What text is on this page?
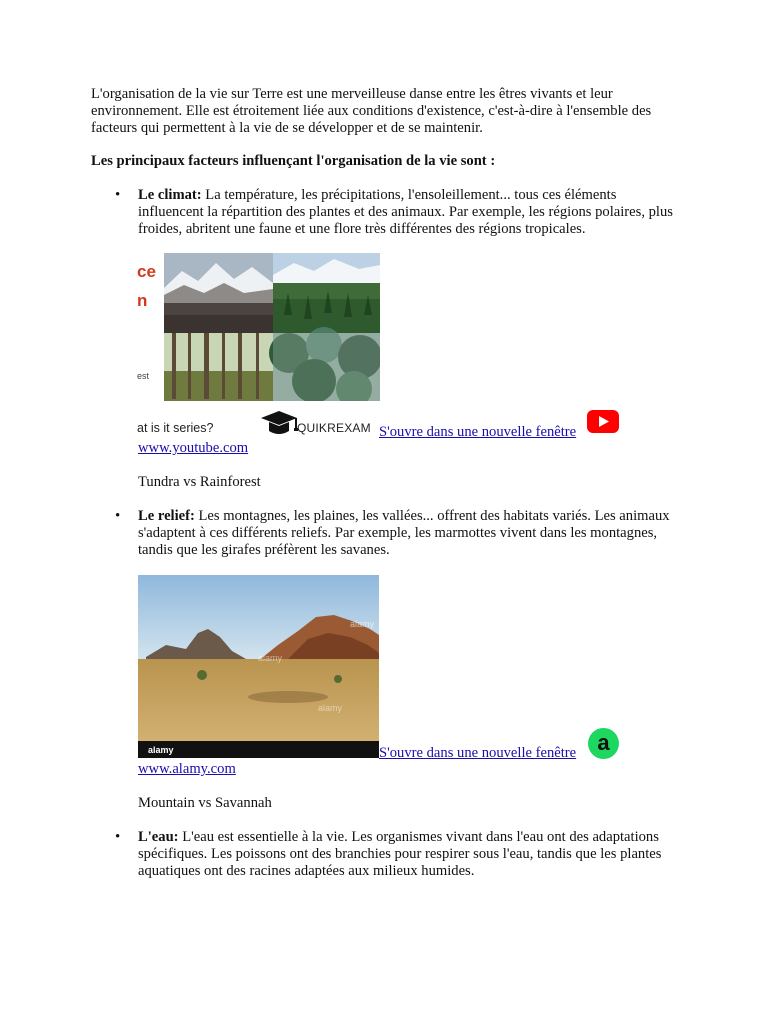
L'organisation de la vie sur Terre est une merveilleuse danse entre les êtres vivants et leur environnement. Elle est étroitement liée aux conditions d'existence, c'est-à-dire à l'ensemble des facteurs qui permettent à la vie de se développer et de se maintenir.

Les principaux facteurs influençant l'organisation de la vie sont :

•	Le climat: La température, les précipitations, l'ensoleillement... tous ces éléments influencent la répartition des plantes et des animaux. Par exemple, les régions polaires, plus froides, abritent une faune et une flore très différentes des régions tropicales.

ce
n
est
at is it series?	QUIKREXAM S'ouvre dans une nouvelle fenêtre
www.youtube.com

Tundra vs Rainforest

•	Le relief: Les montagnes, les plaines, les vallées... offrent des habitats variés. Les animaux s'adaptent à ces différents reliefs. Par exemple, les marmottes vivent dans les montagnes, tandis que les girafes préfèrent les savanes.

alamy
alamy
alamy
alamy
S'ouvre dans une nouvelle fenêtre a
www.alamy.com

Mountain vs Savannah

•	L'eau: L'eau est essentielle à la vie. Les organismes vivant dans l'eau ont des adaptations spécifiques. Les poissons ont des branchies pour respirer sous l'eau, tandis que les plantes aquatiques ont des racines adaptées aux milieux humides.
